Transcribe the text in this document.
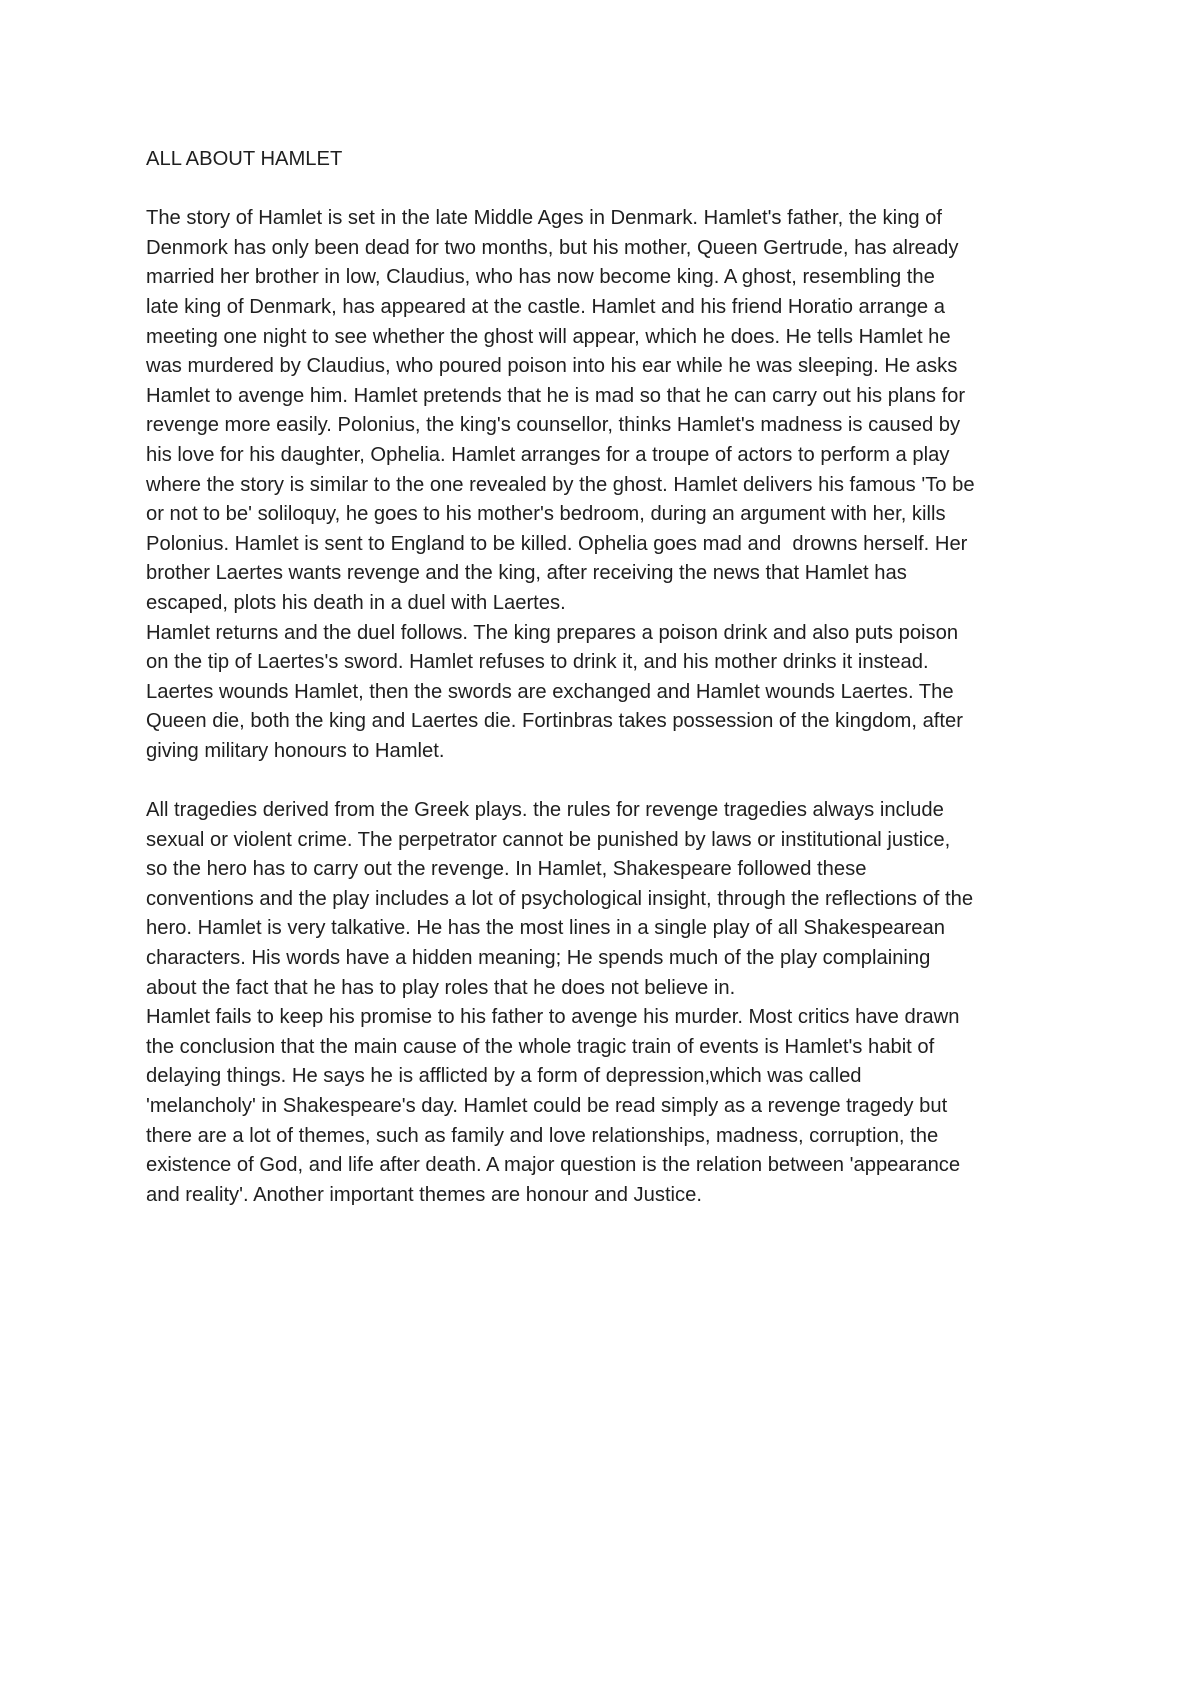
ALL ABOUT HAMLET

The story of Hamlet is set in the late Middle Ages in Denmark. Hamlet's father, the king of
Denmork has only been dead for two months, but his mother, Queen Gertrude, has already
married her brother in low, Claudius, who has now become king. A ghost, resembling the
late king of Denmark, has appeared at the castle. Hamlet and his friend Horatio arrange a
meeting one night to see whether the ghost will appear, which he does. He tells Hamlet he
was murdered by Claudius, who poured poison into his ear while he was sleeping. He asks
Hamlet to avenge him. Hamlet pretends that he is mad so that he can carry out his plans for
revenge more easily. Polonius, the king's counsellor, thinks Hamlet's madness is caused by
his love for his daughter, Ophelia. Hamlet arranges for a troupe of actors to perform a play
where the story is similar to the one revealed by the ghost. Hamlet delivers his famous 'To be
or not to be' soliloquy, he goes to his mother's bedroom, during an argument with her, kills
Polonius. Hamlet is sent to England to be killed. Ophelia goes mad and  drowns herself. Her
brother Laertes wants revenge and the king, after receiving the news that Hamlet has
escaped, plots his death in a duel with Laertes.

Hamlet returns and the duel follows. The king prepares a poison drink and also puts poison
on the tip of Laertes's sword. Hamlet refuses to drink it, and his mother drinks it instead.
Laertes wounds Hamlet, then the swords are exchanged and Hamlet wounds Laertes. The
Queen die, both the king and Laertes die. Fortinbras takes possession of the kingdom, after
giving military honours to Hamlet.

All tragedies derived from the Greek plays. the rules for revenge tragedies always include
sexual or violent crime. The perpetrator cannot be punished by laws or institutional justice,
so the hero has to carry out the revenge. In Hamlet, Shakespeare followed these
conventions and the play includes a lot of psychological insight, through the reflections of the
hero. Hamlet is very talkative. He has the most lines in a single play of all Shakespearean
characters. His words have a hidden meaning; He spends much of the play complaining
about the fact that he has to play roles that he does not believe in.

Hamlet fails to keep his promise to his father to avenge his murder. Most critics have drawn
the conclusion that the main cause of the whole tragic train of events is Hamlet's habit of
delaying things. He says he is afflicted by a form of depression,which was called
'melancholy' in Shakespeare's day. Hamlet could be read simply as a revenge tragedy but
there are a lot of themes, such as family and love relationships, madness, corruption, the
existence of God, and life after death. A major question is the relation between 'appearance
and reality'. Another important themes are honour and Justice.
